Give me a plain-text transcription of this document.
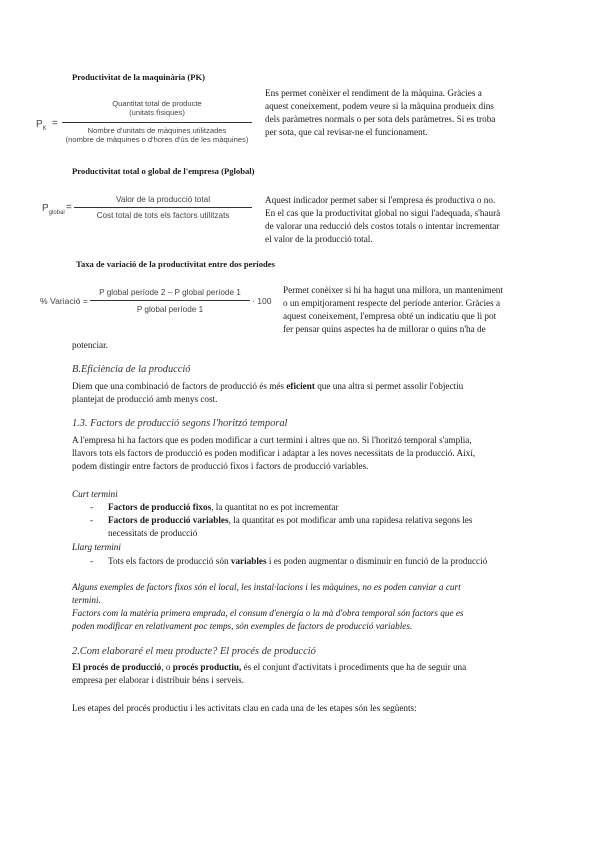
Productivitat de la maquinària (PK)
$P_K$ =
Quantitat total de producte
(unitats físiques)
Nombre d'unitats de màquines utilitzades
(nombre de màquines o d'hores d'ús de les màquines)
Ens permet conèixer el rendiment de la màquina. Gràcies a
aquest coneixement, podem veure si la màquina produeix dins
dels paràmetres normals o per sota dels paràmetres. Si es troba
per sota, que cal revisar-ne el funcionament.
Productivitat total o global de l'empresa (Pglobal)
$P_{global}$ =
Valor de la producció total
Cost total de tots els factors utilitzats
Aquest indicador permet saber si l'empresa és productiva o no.
En el cas que la productivitat global no sigui l'adequada, s'haurà
de valorar una reducció dels costos totals o intentar incrementar
el valor de la producció total.
Taxa de variació de la productivitat entre dos períodes
% Variació =
P global període 2 – P global període 1
P global període 1
· 100
Permet conèixer si hi ha hagut una millora, un manteniment
o un empitjorament respecte del període anterior. Gràcies a
aquest coneixement, l'empresa obté un indicatiu que li pot
fer pensar quins aspectes ha de millorar o quins n'ha de
potenciar.
B.Eficiència de la producció
Diem que una combinació de factors de producció és més eficient que una altra si permet assolir l'objectiu
plantejat de producció amb menys cost.
1.3. Factors de producció segons l'horitzó temporal
A l'empresa hi ha factors que es poden modificar a curt termini i altres que no. Si l'horitzó temporal s'amplia,
llavors tots els factors de producció es poden modificar i adaptar a les noves necessitats de la producció. Així,
podem distingir entre factors de producció fixos i factors de producció variables.
Curt termini
- Factors de producció fixos, la quantitat no es pot incrementar
- Factors de producció variables, la quantitat es pot modificar amb una rapidesa relativa segons les
necessitats de producció
Llarg termini
- Tots els factors de producció són variables i es poden augmentar o disminuir en funció de la producció
Alguns exemples de factors fixos són el local, les instal·lacions i les màquines, no es poden canviar a curt
termini.
Factors com la matèria primera emprada, el consum d'energia o la mà d'obra temporal són factors que es
poden modificar en relativament poc temps, són exemples de factors de producció variables.
2.Com elaboraré el meu producte? El procés de producció
El procés de producció, o procés productiu, és el conjunt d'activitats i procediments que ha de seguir una
empresa per elaborar i distribuir béns i serveis.
Les etapes del procés productiu i les activitats clau en cada una de les etapes són les següents:
